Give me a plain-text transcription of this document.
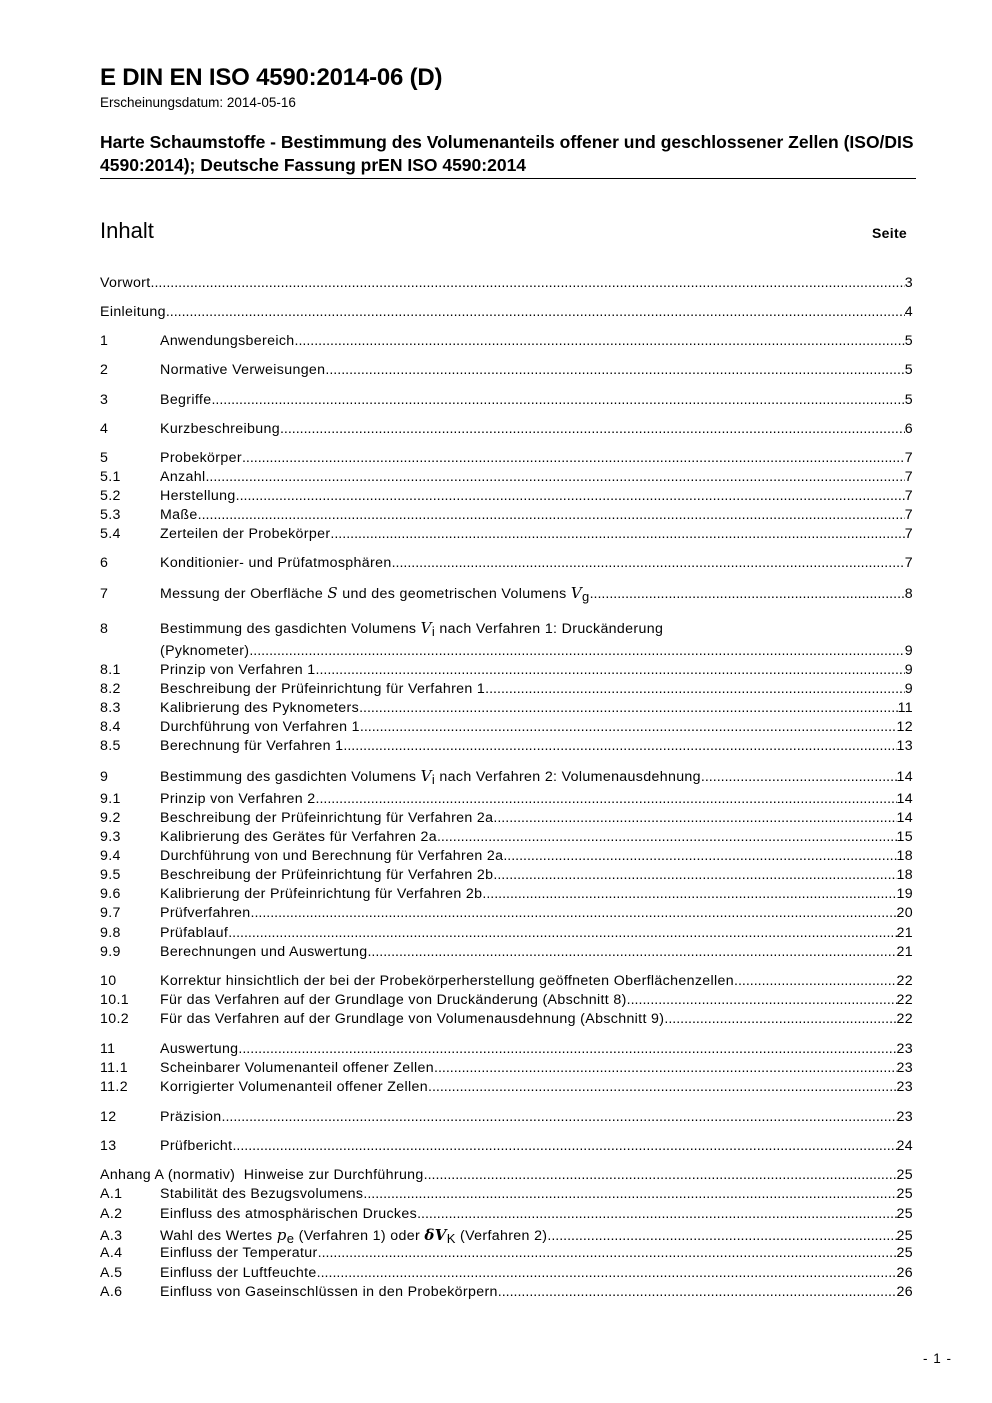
E DIN EN ISO 4590:2014-06 (D)
Erscheinungsdatum: 2014-05-16
Harte Schaumstoffe - Bestimmung des Volumenanteils offener und geschlossener Zellen (ISO/DIS 4590:2014); Deutsche Fassung prEN ISO 4590:2014
Inhalt	Seite
Vorwort .....	3
Einleitung .....	4
1	Anwendungsbereich .....	5
2	Normative Verweisungen .....	5
3	Begriffe .....	5
4	Kurzbeschreibung .....	6
5	Probekörper .....	7
5.1	Anzahl .....	7
5.2	Herstellung .....	7
5.3	Maße .....	7
5.4	Zerteilen der Probekörper .....	7
6	Konditionier- und Prüfatmosphären .....	7
7	Messung der Oberfläche S und des geometrischen Volumens Vg .....	8
8	Bestimmung des gasdichten Volumens Vi nach Verfahren 1: Druckänderung
(Pyknometer) .....	9
8.1	Prinzip von Verfahren 1 .....	9
8.2	Beschreibung der Prüfeinrichtung für Verfahren 1 .....	9
8.3	Kalibrierung des Pyknometers .....	11
8.4	Durchführung von Verfahren 1 .....	12
8.5	Berechnung für Verfahren 1 .....	13
9	Bestimmung des gasdichten Volumens Vi nach Verfahren 2: Volumenausdehnung .....	14
9.1	Prinzip von Verfahren 2 .....	14
9.2	Beschreibung der Prüfeinrichtung für Verfahren 2a .....	14
9.3	Kalibrierung des Gerätes für Verfahren 2a .....	15
9.4	Durchführung von und Berechnung für Verfahren 2a .....	18
9.5	Beschreibung der Prüfeinrichtung für Verfahren 2b .....	18
9.6	Kalibrierung der Prüfeinrichtung für Verfahren 2b .....	19
9.7	Prüfverfahren .....	20
9.8	Prüfablauf .....	21
9.9	Berechnungen und Auswertung .....	21
10	Korrektur hinsichtlich der bei der Probekörperherstellung geöffneten Oberflächenzellen .....	22
10.1	Für das Verfahren auf der Grundlage von Druckänderung (Abschnitt 8) .....	22
10.2	Für das Verfahren auf der Grundlage von Volumenausdehnung (Abschnitt 9) .....	22
11	Auswertung .....	23
11.1	Scheinbarer Volumenanteil offener Zellen .....	23
11.2	Korrigierter Volumenanteil offener Zellen .....	23
12	Präzision .....	23
13	Prüfbericht .....	24
Anhang A (normativ)  Hinweise zur Durchführung .....	25
A.1	Stabilität des Bezugsvolumens .....	25
A.2	Einfluss des atmosphärischen Druckes .....	25
A.3	Wahl des Wertes pe (Verfahren 1) oder δVK (Verfahren 2) .....	25
A.4	Einfluss der Temperatur .....	25
A.5	Einfluss der Luftfeuchte .....	26
A.6	Einfluss von Gaseinschlüssen in den Probekörpern .....	26
- 1 -
